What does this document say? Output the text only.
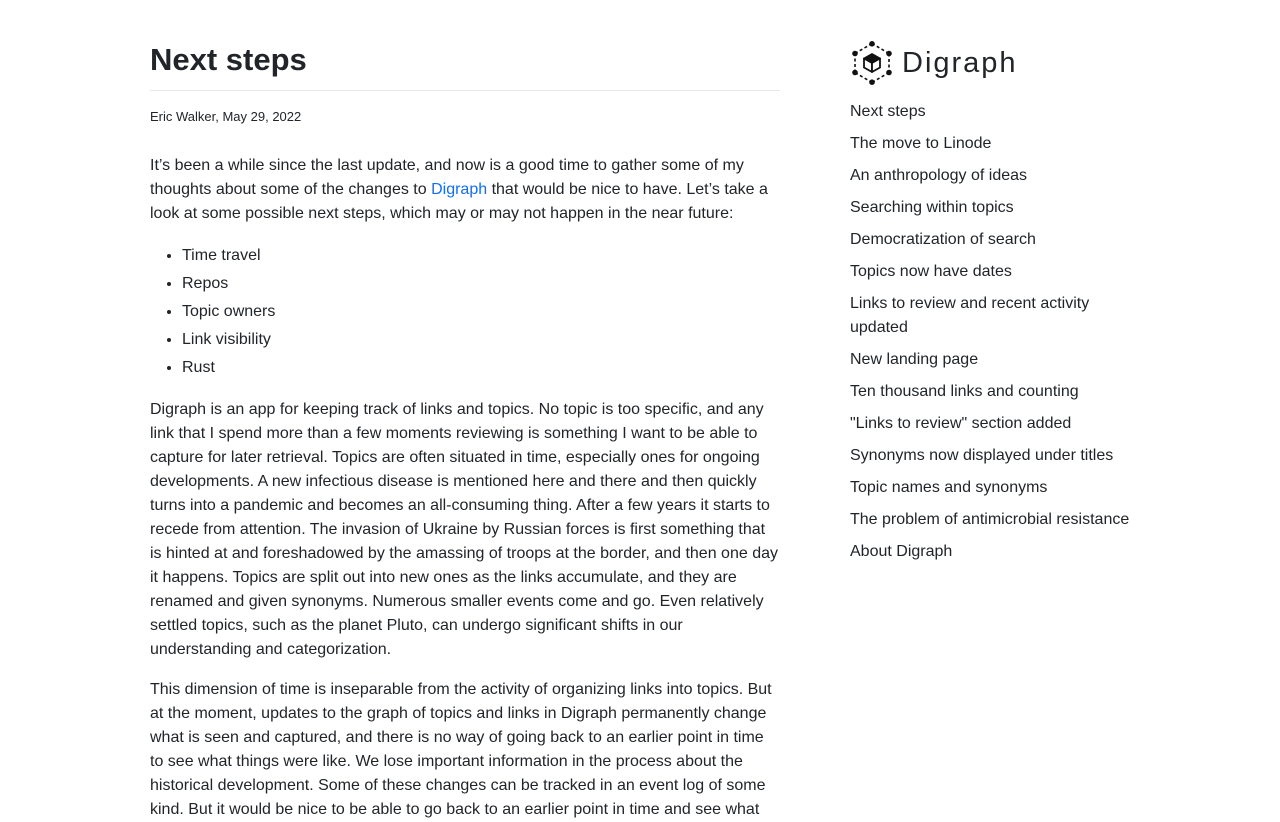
Next steps

Eric Walker, May 29, 2022

It’s been a while since the last update, and now is a good time to gather some of my thoughts about some of the changes to Digraph that would be nice to have. Let’s take a look at some possible next steps, which may or may not happen in the near future:

• Time travel
• Repos
• Topic owners
• Link visibility
• Rust

Digraph is an app for keeping track of links and topics. No topic is too specific, and any link that I spend more than a few moments reviewing is something I want to be able to capture for later retrieval. Topics are often situated in time, especially ones for ongoing developments. A new infectious disease is mentioned here and there and then quickly turns into a pandemic and becomes an all-consuming thing. After a few years it starts to recede from attention. The invasion of Ukraine by Russian forces is first something that is hinted at and foreshadowed by the amassing of troops at the border, and then one day it happens. Topics are split out into new ones as the links accumulate, and they are renamed and given synonyms. Numerous smaller events come and go. Even relatively settled topics, such as the planet Pluto, can undergo significant shifts in our understanding and categorization.

This dimension of time is inseparable from the activity of organizing links into topics. But at the moment, updates to the graph of topics and links in Digraph permanently change what is seen and captured, and there is no way of going back to an earlier point in time to see what things were like. We lose important information in the process about the historical development. Some of these changes can be tracked in an event log of some kind. But it would be nice to be able to go back to an earlier point in time and see what

Digraph
Next steps
The move to Linode
An anthropology of ideas
Searching within topics
Democratization of search
Topics now have dates
Links to review and recent activity updated
New landing page
Ten thousand links and counting
"Links to review" section added
Synonyms now displayed under titles
Topic names and synonyms
The problem of antimicrobial resistance
About Digraph
